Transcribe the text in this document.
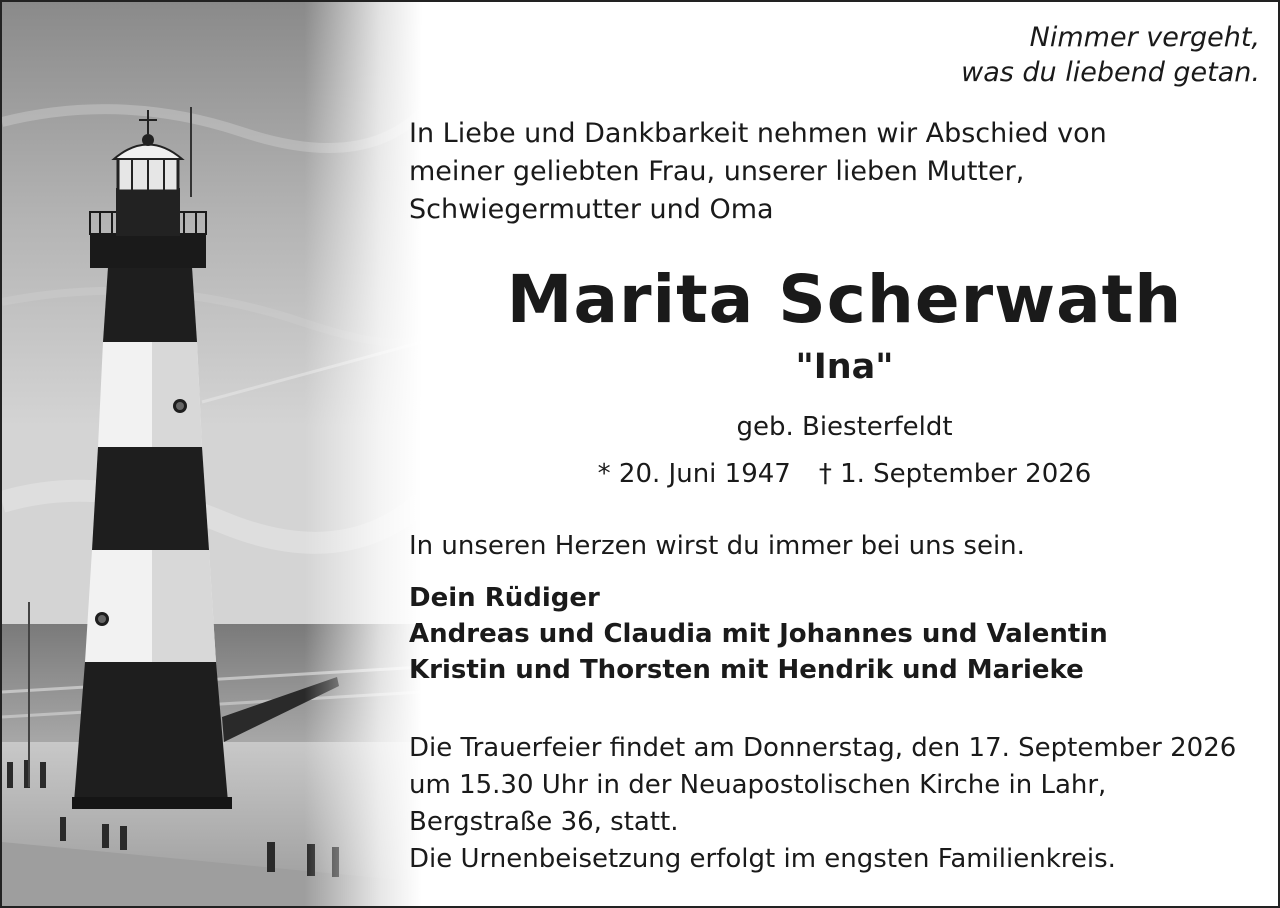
Nimmer vergeht,
was du liebend getan.
In Liebe und Dankbarkeit nehmen wir Abschied von
meiner geliebten Frau, unserer lieben Mutter,
Schwiegermutter und Oma
Marita Scherwath
"Ina"
geb. Biesterfeldt
* 20. Juni 1947 † 1. September 2026
In unseren Herzen wirst du immer bei uns sein.
Dein Rüdiger
Andreas und Claudia mit Johannes und Valentin
Kristin und Thorsten mit Hendrik und Marieke
Die Trauerfeier findet am Donnerstag, den 17. September 2026
um 15.30 Uhr in der Neuapostolischen Kirche in Lahr,
Bergstraße 36, statt.
Die Urnenbeisetzung erfolgt im engsten Familienkreis.
